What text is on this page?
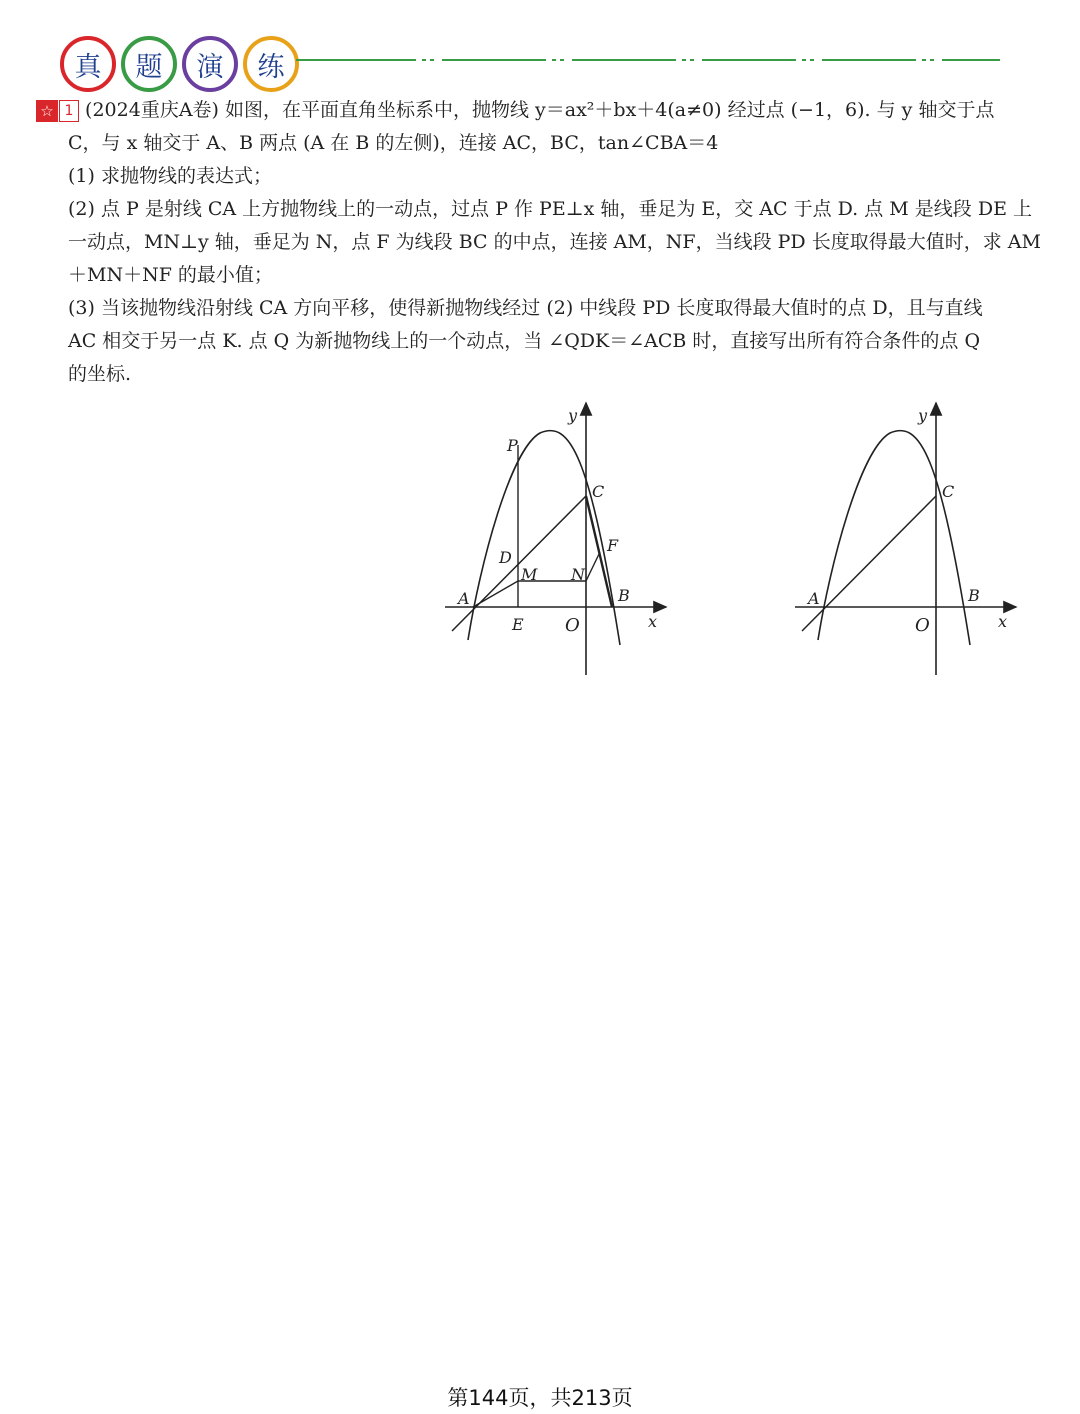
真 题 演 练
☆ 1 (2024重庆A卷) 如图，在平面直角坐标系中，抛物线 y＝ax²＋bx＋4(a≠0) 经过点 (−1，6). 与 y 轴交于点
C，与 x 轴交于 A、B 两点 (A 在 B 的左侧)，连接 AC，BC，tan∠CBA＝4
(1) 求抛物线的表达式；
(2) 点 P 是射线 CA 上方抛物线上的一动点，过点 P 作 PE⊥x 轴，垂足为 E，交 AC 于点 D. 点 M 是线段 DE 上
一动点，MN⊥y 轴，垂足为 N，点 F 为线段 BC 的中点，连接 AM，NF，当线段 PD 长度取得最大值时，求 AM
＋MN＋NF 的最小值；
(3) 当该抛物线沿射线 CA 方向平移，使得新抛物线经过 (2) 中线段 PD 长度取得最大值时的点 D，且与直线
AC 相交于另一点 K. 点 Q 为新抛物线上的一个动点，当 ∠QDK＝∠ACB 时，直接写出所有符合条件的点 Q
的坐标.
y
x
O
P
C
D
F
M N
A	B
E
y
x
O
C
A	B
第144页，共213页
